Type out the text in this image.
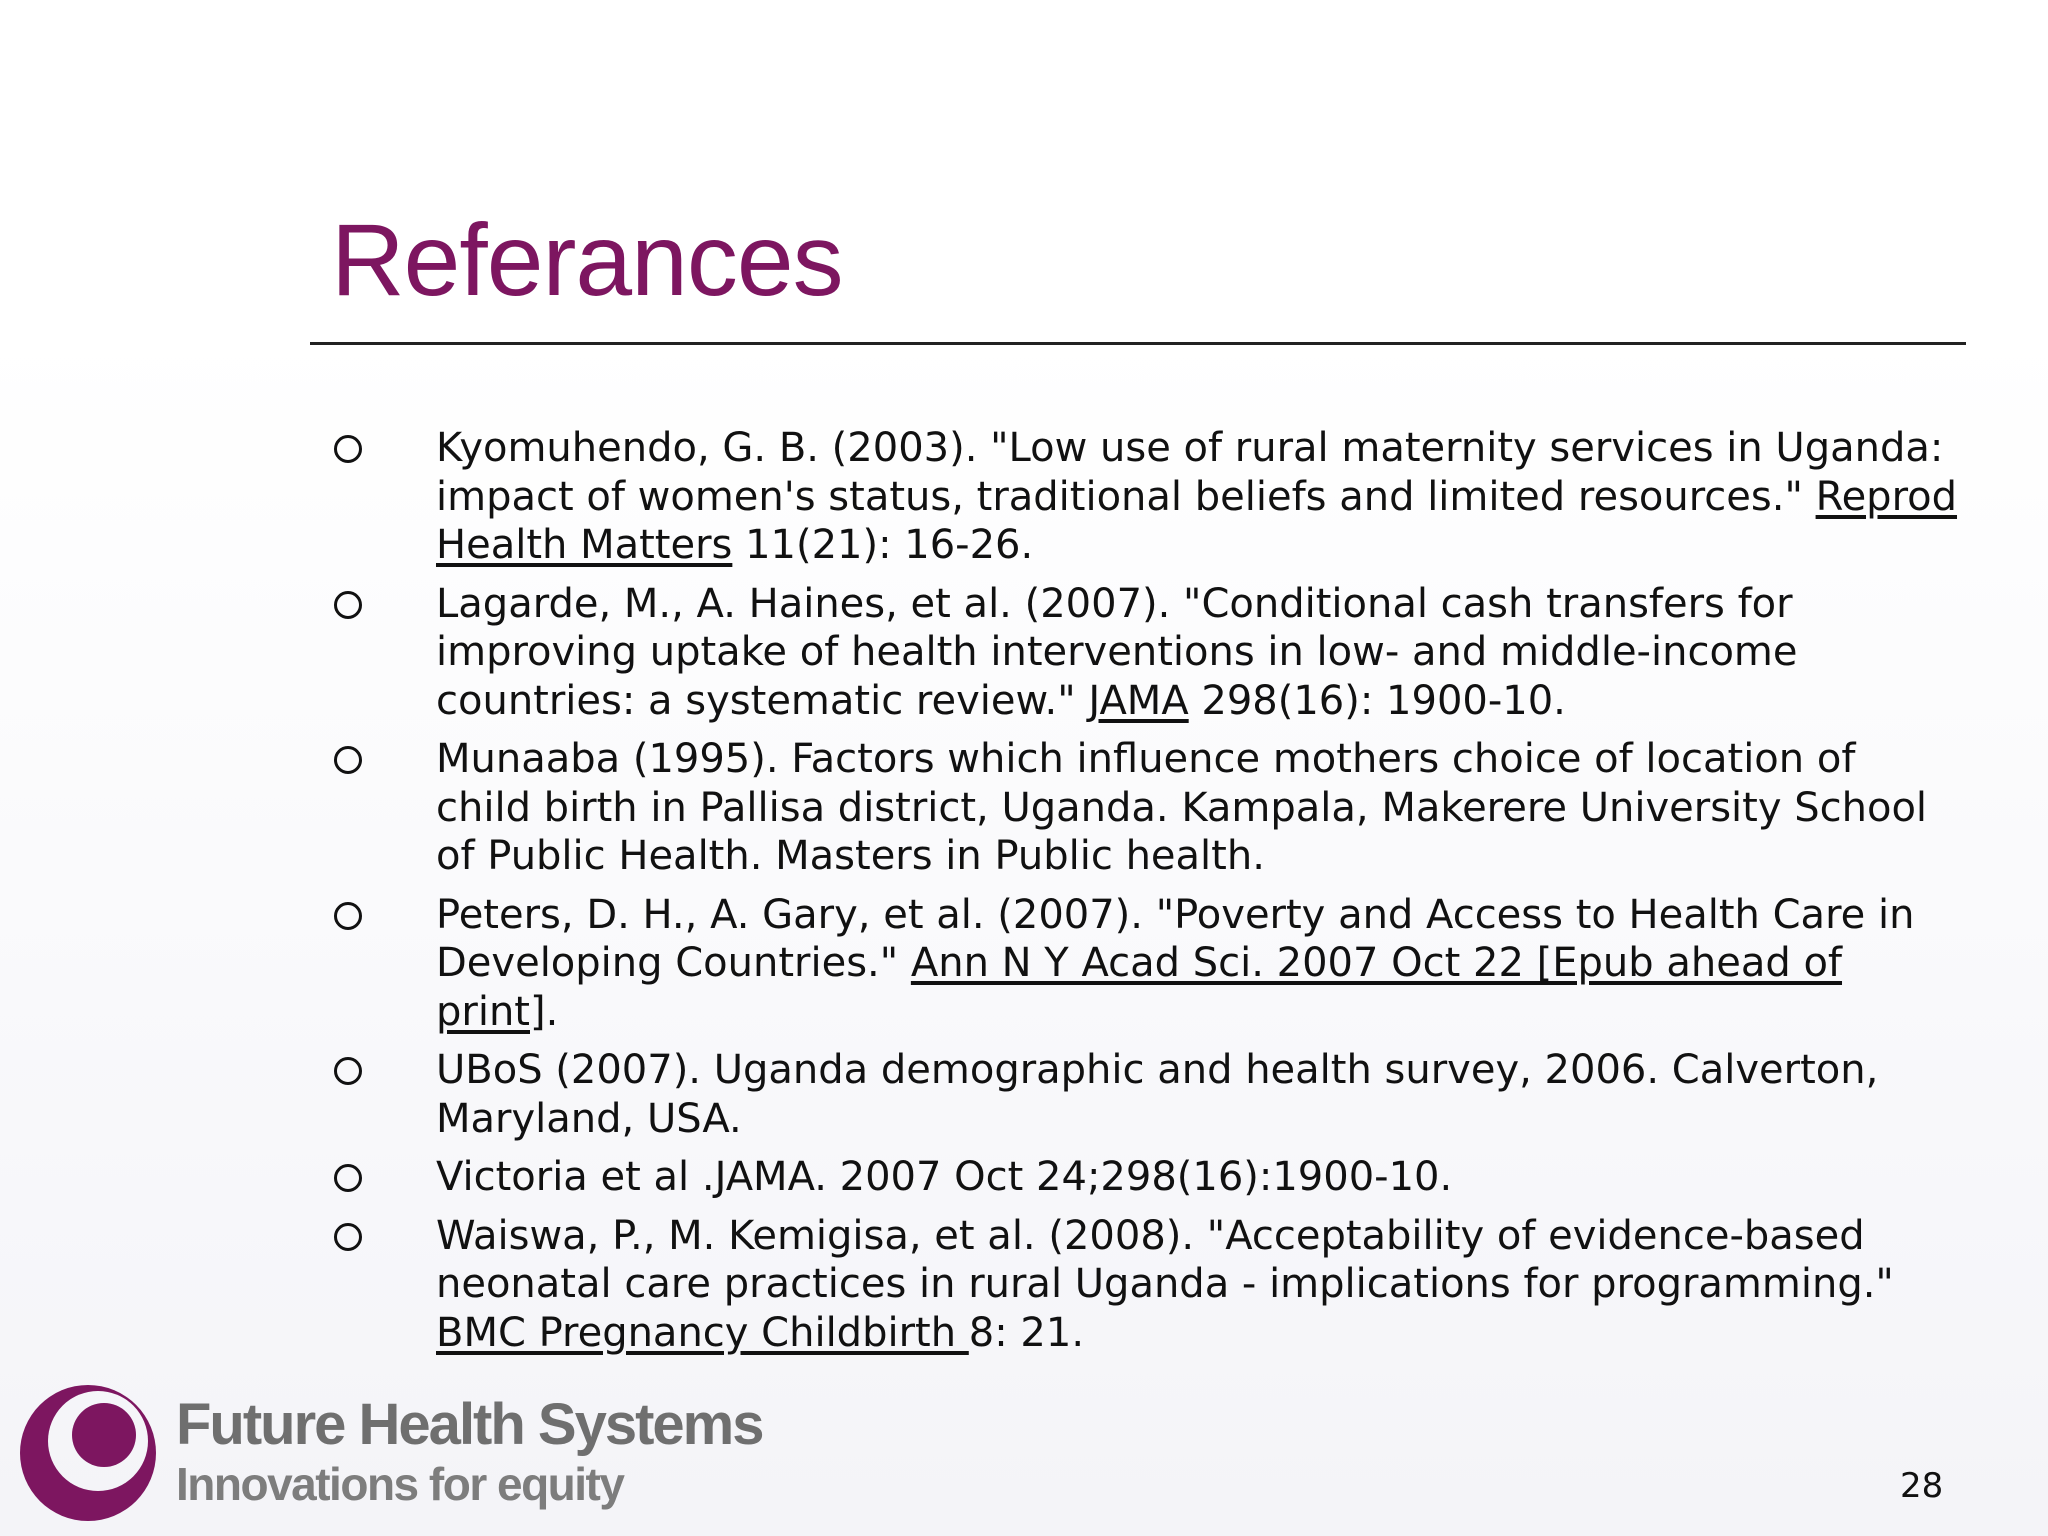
Referances
Kyomuhendo, G. B. (2003). "Low use of rural maternity services in Uganda: impact of women's status, traditional beliefs and limited resources." Reprod Health Matters 11(21): 16-26.
Lagarde, M., A. Haines, et al. (2007). "Conditional cash transfers for improving uptake of health interventions in low- and middle-income countries: a systematic review." JAMA 298(16): 1900-10.
Munaaba (1995). Factors which influence mothers choice of location of child birth in Pallisa district, Uganda. Kampala, Makerere University School of Public Health. Masters in Public health.
Peters, D. H., A. Gary, et al. (2007). "Poverty and Access to Health Care in Developing Countries." Ann N Y Acad Sci. 2007 Oct 22 [Epub ahead of print].
UBoS (2007). Uganda demographic and health survey, 2006. Calverton, Maryland, USA.
Victoria et al .JAMA. 2007 Oct 24;298(16):1900-10.
Waiswa, P., M. Kemigisa, et al. (2008). "Acceptability of evidence-based neonatal care practices in rural Uganda - implications for programming." BMC Pregnancy Childbirth 8: 21.
Future Health Systems
Innovations for equity	28
